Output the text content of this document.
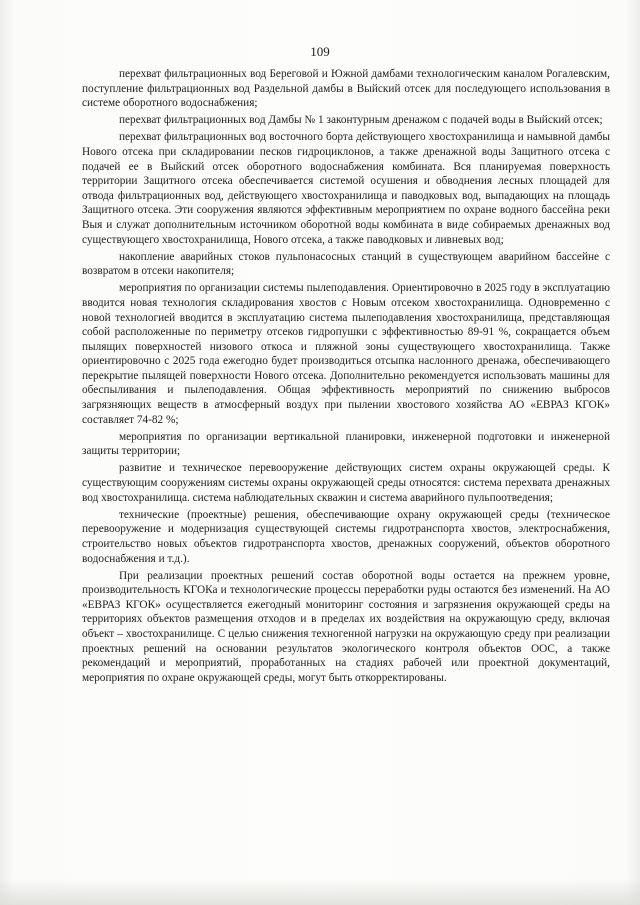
109

перехват фильтрационных вод Береговой и Южной дамбами технологическим каналом Рогалевским, поступление фильтрационных вод Раздельной дамбы в Выйский отсек для последующего использования в системе оборотного водоснабжения;

перехват фильтрационных вод Дамбы № 1 законтурным дренажом с подачей воды в Выйский отсек;

перехват фильтрационных вод восточного борта действующего хвостохранилища и намывной дамбы Нового отсека при складировании песков гидроциклонов, а также дренажной воды Защитного отсека с подачей ее в Выйский отсек оборотного водоснабжения комбината. Вся планируемая поверхность территории Защитного отсека обеспечивается системой осушения и обводнения лесных площадей для отвода фильтрационных вод, действующего хвостохранилища и паводковых вод, выпадающих на площадь Защитного отсека. Эти сооружения являются эффективным мероприятием по охране водного бассейна реки Выя и служат дополнительным источником оборотной воды комбината в виде собираемых дренажных вод существующего хвостохранилища, Нового отсека, а также паводковых и ливневых вод;

накопление аварийных стоков пульпонасосных станций в существующем аварийном бассейне с возвратом в отсеки накопителя;

мероприятия по организации системы пылеподавления. Ориентировочно в 2025 году в эксплуатацию вводится новая технология складирования хвостов с Новым отсеком хвостохранилища. Одновременно с новой технологией вводится в эксплуатацию система пылеподавления хвостохранилища, представляющая собой расположенные по периметру отсеков гидропушки с эффективностью 89-91 %, сокращается объем пылящих поверхностей низового откоса и пляжной зоны существующего хвостохранилища. Также ориентировочно с 2025 года ежегодно будет производиться отсыпка наслонного дренажа, обеспечивающего перекрытие пылящей поверхности Нового отсека. Дополнительно рекомендуется использовать машины для обеспыливания и пылеподавления. Общая эффективность мероприятий по снижению выбросов загрязняющих веществ в атмосферный воздух при пылении хвостового хозяйства АО «ЕВРАЗ КГОК» составляет 74-82 %;

мероприятия по организации вертикальной планировки, инженерной подготовки и инженерной защиты территории;

развитие и техническое перевооружение действующих систем охраны окружающей среды. К существующим сооружениям системы охраны окружающей среды относятся: система перехвата дренажных вод хвостохранилища. система наблюдательных скважин и система аварийного пульпоотведения;

технические (проектные) решения, обеспечивающие охрану окружающей среды (техническое перевооружение и модернизация существующей системы гидротранспорта хвостов, электроснабжения, строительство новых объектов гидротранспорта хвостов, дренажных сооружений, объектов оборотного водоснабжения и т.д.).

При реализации проектных решений состав оборотной воды остается на прежнем уровне, производительность КГОКа и технологические процессы переработки руды остаются без изменений. На АО «ЕВРАЗ КГОК» осуществляется ежегодный мониторинг состояния и загрязнения окружающей среды на территориях объектов размещения отходов и в пределах их воздействия на окружающую среду, включая объект – хвостохранилище. С целью снижения техногенной нагрузки на окружающую среду при реализации проектных решений на основании результатов экологического контроля объектов ООС, а также рекомендаций и мероприятий, проработанных на стадиях рабочей или проектной документаций, мероприятия по охране окружающей среды, могут быть откорректированы.
